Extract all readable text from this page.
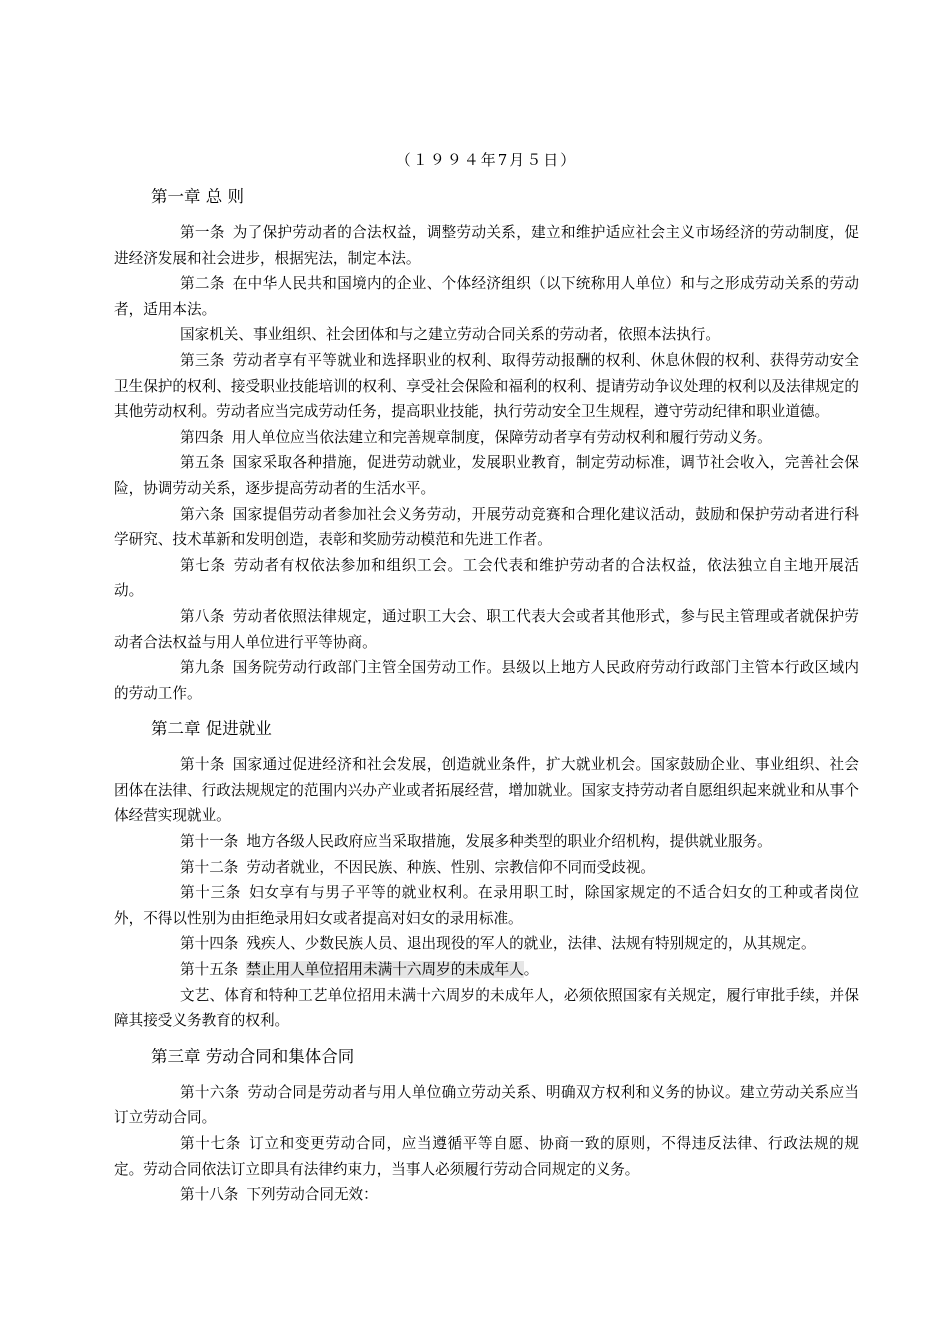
（１９９４年7月５日）

第一章 总 则

第一条 为了保护劳动者的合法权益，调整劳动关系，建立和维护适应社会主义市场经济的劳动制度，促进经济发展和社会进步，根据宪法，制定本法。

第二条 在中华人民共和国境内的企业、个体经济组织（以下统称用人单位）和与之形成劳动关系的劳动者，适用本法。

国家机关、事业组织、社会团体和与之建立劳动合同关系的劳动者，依照本法执行。

第三条 劳动者享有平等就业和选择职业的权利、取得劳动报酬的权利、休息休假的权利、获得劳动安全卫生保护的权利、接受职业技能培训的权利、享受社会保险和福利的权利、提请劳动争议处理的权利以及法律规定的其他劳动权利。劳动者应当完成劳动任务，提高职业技能，执行劳动安全卫生规程，遵守劳动纪律和职业道德。

第四条 用人单位应当依法建立和完善规章制度，保障劳动者享有劳动权利和履行劳动义务。

第五条 国家采取各种措施，促进劳动就业，发展职业教育，制定劳动标准，调节社会收入，完善社会保险，协调劳动关系，逐步提高劳动者的生活水平。

第六条 国家提倡劳动者参加社会义务劳动，开展劳动竞赛和合理化建议活动，鼓励和保护劳动者进行科学研究、技术革新和发明创造，表彰和奖励劳动模范和先进工作者。

第七条 劳动者有权依法参加和组织工会。工会代表和维护劳动者的合法权益，依法独立自主地开展活动。

第八条 劳动者依照法律规定，通过职工大会、职工代表大会或者其他形式，参与民主管理或者就保护劳动者合法权益与用人单位进行平等协商。

第九条 国务院劳动行政部门主管全国劳动工作。县级以上地方人民政府劳动行政部门主管本行政区域内的劳动工作。

第二章 促进就业

第十条 国家通过促进经济和社会发展，创造就业条件，扩大就业机会。国家鼓励企业、事业组织、社会团体在法律、行政法规规定的范围内兴办产业或者拓展经营，增加就业。国家支持劳动者自愿组织起来就业和从事个体经营实现就业。

第十一条 地方各级人民政府应当采取措施，发展多种类型的职业介绍机构，提供就业服务。

第十二条 劳动者就业，不因民族、种族、性别、宗教信仰不同而受歧视。

第十三条 妇女享有与男子平等的就业权利。在录用职工时，除国家规定的不适合妇女的工种或者岗位外，不得以性别为由拒绝录用妇女或者提高对妇女的录用标准。

第十四条 残疾人、少数民族人员、退出现役的军人的就业，法律、法规有特别规定的，从其规定。

第十五条 禁止用人单位招用未满十六周岁的未成年人。

文艺、体育和特种工艺单位招用未满十六周岁的未成年人，必须依照国家有关规定，履行审批手续，并保障其接受义务教育的权利。

第三章 劳动合同和集体合同

第十六条 劳动合同是劳动者与用人单位确立劳动关系、明确双方权利和义务的协议。建立劳动关系应当订立劳动合同。

第十七条 订立和变更劳动合同，应当遵循平等自愿、协商一致的原则，不得违反法律、行政法规的规定。劳动合同依法订立即具有法律约束力，当事人必须履行劳动合同规定的义务。

第十八条 下列劳动合同无效：
